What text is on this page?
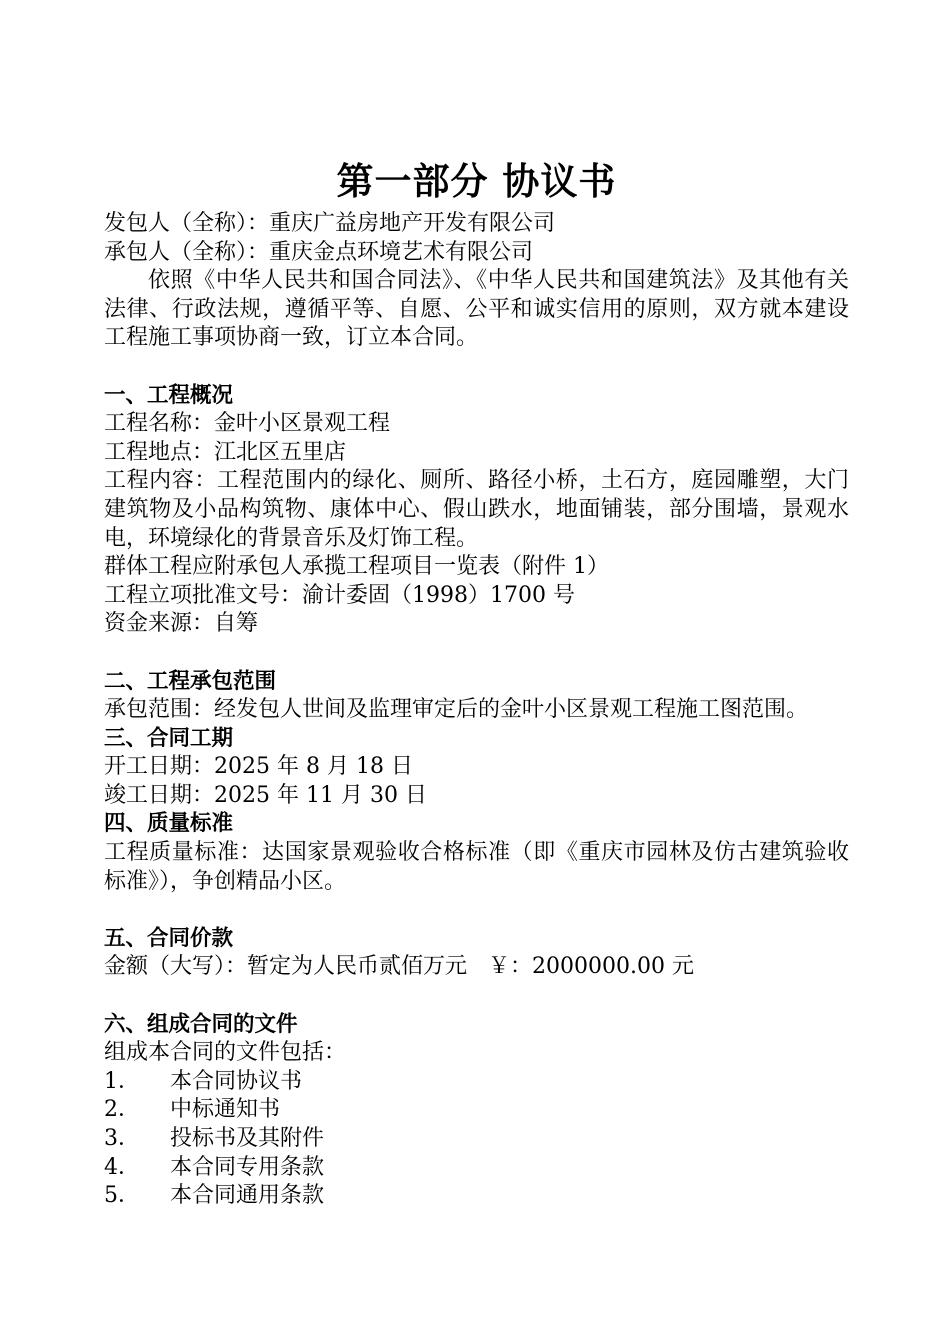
第一部分 协议书

发包人（全称）：重庆广益房地产开发有限公司

承包人（全称）：重庆金点环境艺术有限公司

依照《中华人民共和国合同法》、《中华人民共和国建筑法》及其他有关法律、行政法规，遵循平等、自愿、公平和诚实信用的原则，双方就本建设工程施工事项协商一致，订立本合同。

一、工程概况

工程名称：金叶小区景观工程

工程地点：江北区五里店

工程内容：工程范围内的绿化、厕所、路径小桥，土石方，庭园雕塑，大门建筑物及小品构筑物、康体中心、假山跌水，地面铺装，部分围墙，景观水电，环境绿化的背景音乐及灯饰工程。

群体工程应附承包人承揽工程项目一览表（附件 1）

工程立项批准文号：渝计委固（1998）1700 号

资金来源：自筹

二、工程承包范围

承包范围：经发包人世间及监理审定后的金叶小区景观工程施工图范围。

三、合同工期

开工日期：2025 年 8 月 18 日

竣工日期：2025 年 11 月 30 日

四、质量标准

工程质量标准：达国家景观验收合格标准（即《重庆市园林及仿古建筑验收标准》），争创精品小区。

五、合同价款

金额（大写）：暂定为人民币贰佰万元   ￥：2000000.00 元

六、组成合同的文件

组成本合同的文件包括：

1．	本合同协议书

2．	中标通知书

3．	投标书及其附件

4．	本合同专用条款

5．	本合同通用条款
